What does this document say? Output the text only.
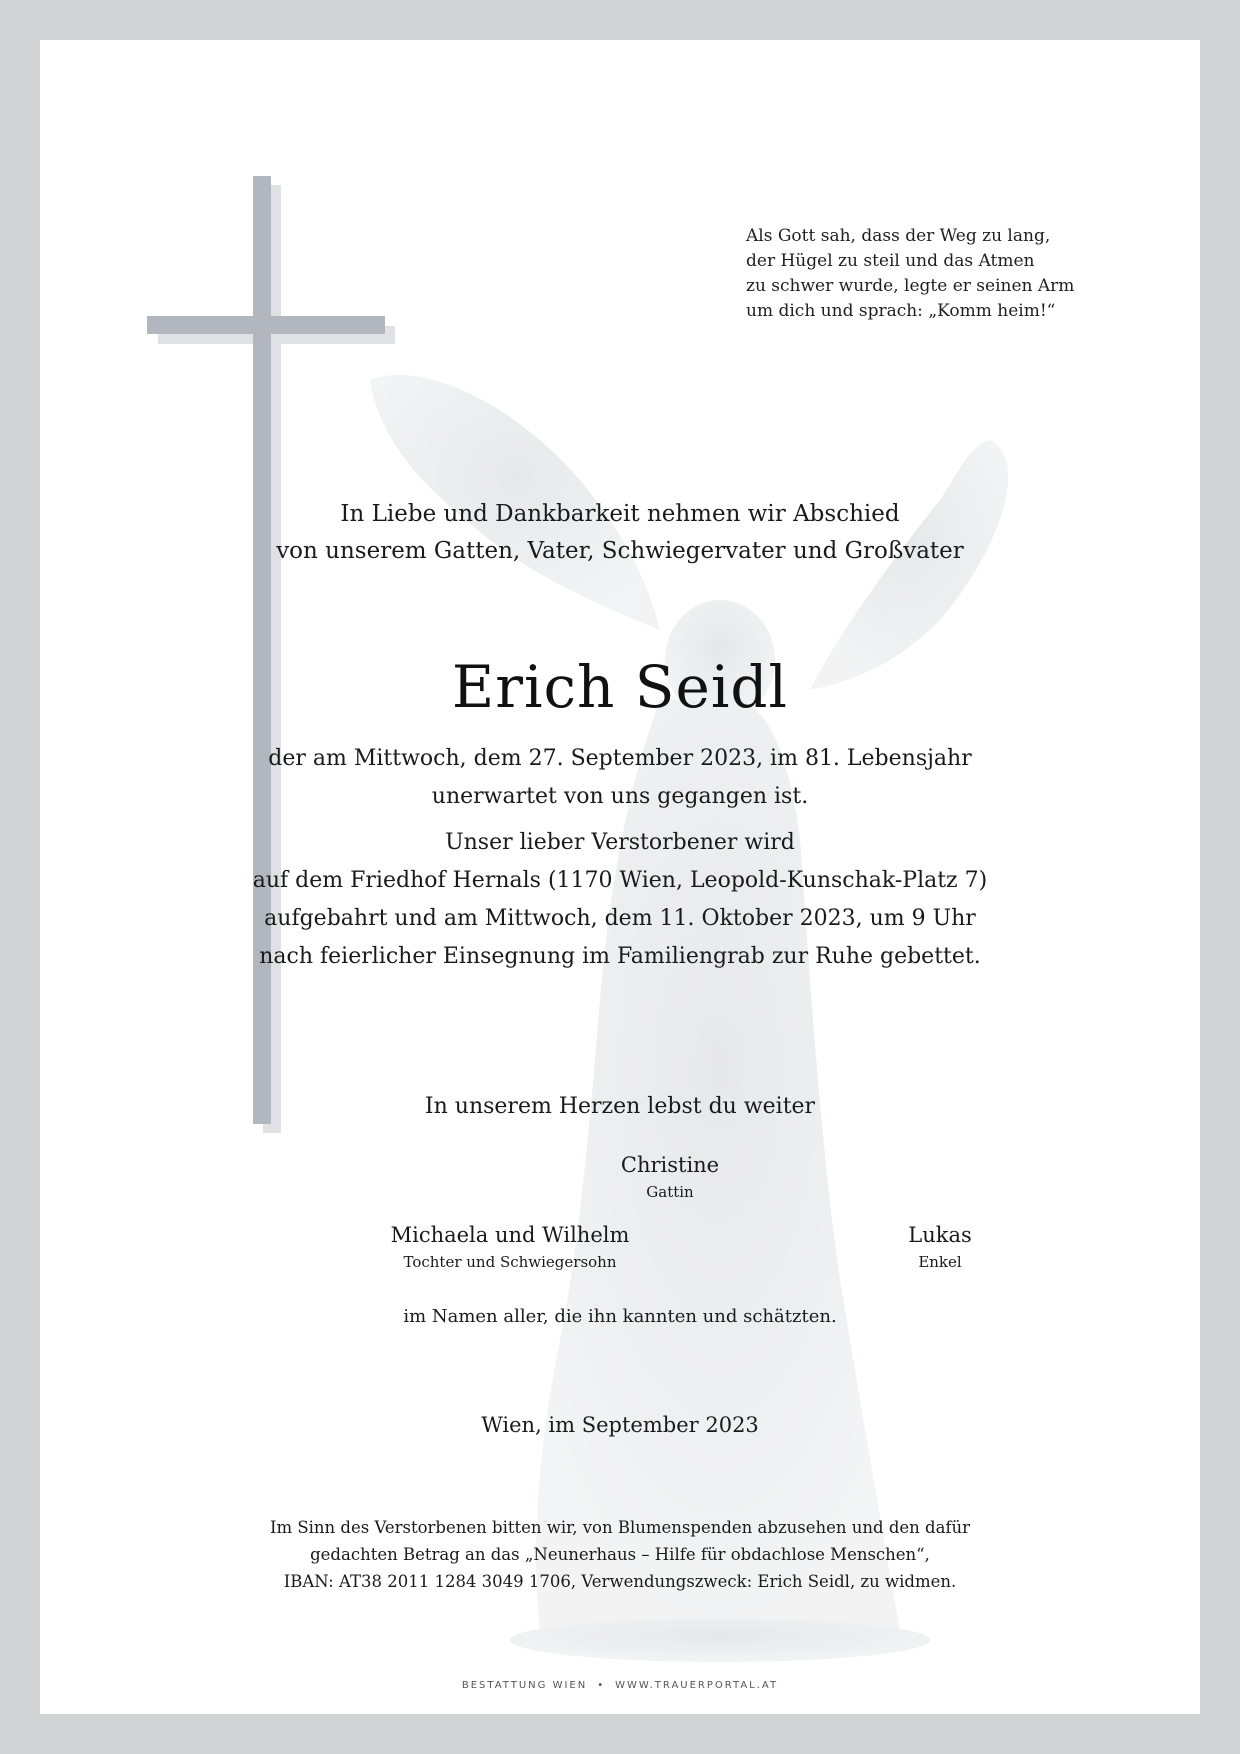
Als Gott sah, dass der Weg zu lang,
der Hügel zu steil und das Atmen
zu schwer wurde, legte er seinen Arm
um dich und sprach: „Komm heim!“
In Liebe und Dankbarkeit nehmen wir Abschied
von unserem Gatten, Vater, Schwiegervater und Großvater
Erich Seidl
der am Mittwoch, dem 27. September 2023, im 81. Lebensjahr
unerwartet von uns gegangen ist.
Unser lieber Verstorbener wird
auf dem Friedhof Hernals (1170 Wien, Leopold-Kunschak-Platz 7)
aufgebahrt und am Mittwoch, dem 11. Oktober 2023, um 9 Uhr
nach feierlicher Einsegnung im Familiengrab zur Ruhe gebettet.
In unserem Herzen lebst du weiter
Christine
Gattin
Michaela und Wilhelm
Tochter und Schwiegersohn
Lukas
Enkel
im Namen aller, die ihn kannten und schätzten.
Wien, im September 2023
Im Sinn des Verstorbenen bitten wir, von Blumenspenden abzusehen und den dafür
gedachten Betrag an das „Neunerhaus – Hilfe für obdachlose Menschen“,
IBAN: AT38 2011 1284 3049 1706, Verwendungszweck: Erich Seidl, zu widmen.
BESTATTUNG WIEN • WWW.TRAUERPORTAL.AT
